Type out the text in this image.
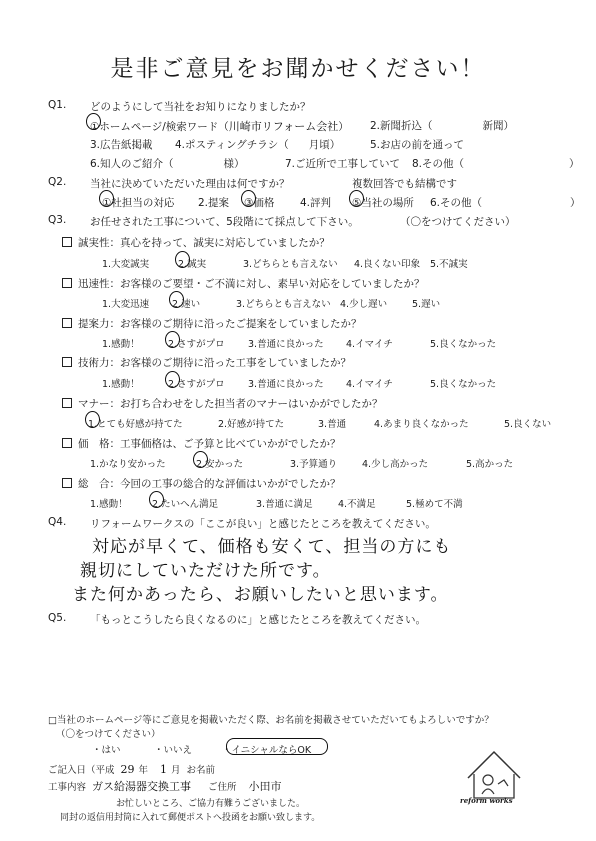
是非ご意見をお聞かせください！
Q1. どのようにして当社をお知りになりましたか？
①ホームページ/検索ワード（川崎市リフォーム会社） 2.新聞折込（	新聞）
3.広告紙掲載 4.ポスティングチラシ（ 月頃）	5.お店の前を通って
6.知人のご紹介（	様）	7.ご近所で工事していて 8.その他（	）
Q2. 当社に決めていただいた理由は何ですか？	複数回答でも結構です
①社担当の対応 2.提案 ③価格 4.評判 ⑤当社の場所 6.その他（	）
Q3. お任せされた工事について、5段階にて採点して下さい。	（〇をつけてください）
誠実性：真心を持って、誠実に対応していましたか？
1.大変誠実	2.誠実	3.どちらとも言えない 4.良くない印象 5.不誠実
迅速性：お客様のご要望・ご不満に対し、素早い対応をしていましたか？
1.大変迅速 2.速い	3.どちらとも言えない 4.少し遅い	5.遅い
提案力：お客様のご期待に沿ったご提案をしていましたか？
1.感動！	2.さすがプロ 3.普通に良かった 4.イマイチ	5.良くなかった
技術力：お客様のご期待に沿った工事をしていましたか？
1.感動！	2.さすがプロ 3.普通に良かった 4.イマイチ	5.良くなかった
マナー：お打ち合わせをした担当者のマナーはいかがでしたか？
1.とても好感が持てた	2.好感が持てた	3.普通	4.あまり良くなかった	5.良くない
価　格：工事価格は、ご予算と比べていかがでしたか？
1.かなり安かった	2.安かった	3.予算通り	4.少し高かった	5.高かった
総　合：今回の工事の総合的な評価はいかがでしたか？
1.感動！	2.たいへん満足	3.普通に満足	4.不満足	5.極めて不満
Q4. リフォームワークスの「ここが良い」と感じたところを教えてください。
対応が早くて、価格も安くて、担当の方にも
親切にしていただけた所です。
また何かあったら、お願いしたいと思います。
Q5. 「もっとこうしたら良くなるのに」と感じたところを教えてください。
□当社のホームページ等にご意見を掲載いただく際、お名前を掲載させていただいてもよろしいですか？
（〇をつけてください）
・はい	・いいえ	・イニシャルならOK
ご記入日（平成 29 年 1 月 お名前
工事内容 ガス給湯器交換工事 ご住所 小田市
お忙しいところ、ご協力有難うございました。
同封の返信用封筒に入れて郵便ポストへ投函をお願い致します。
reform works
